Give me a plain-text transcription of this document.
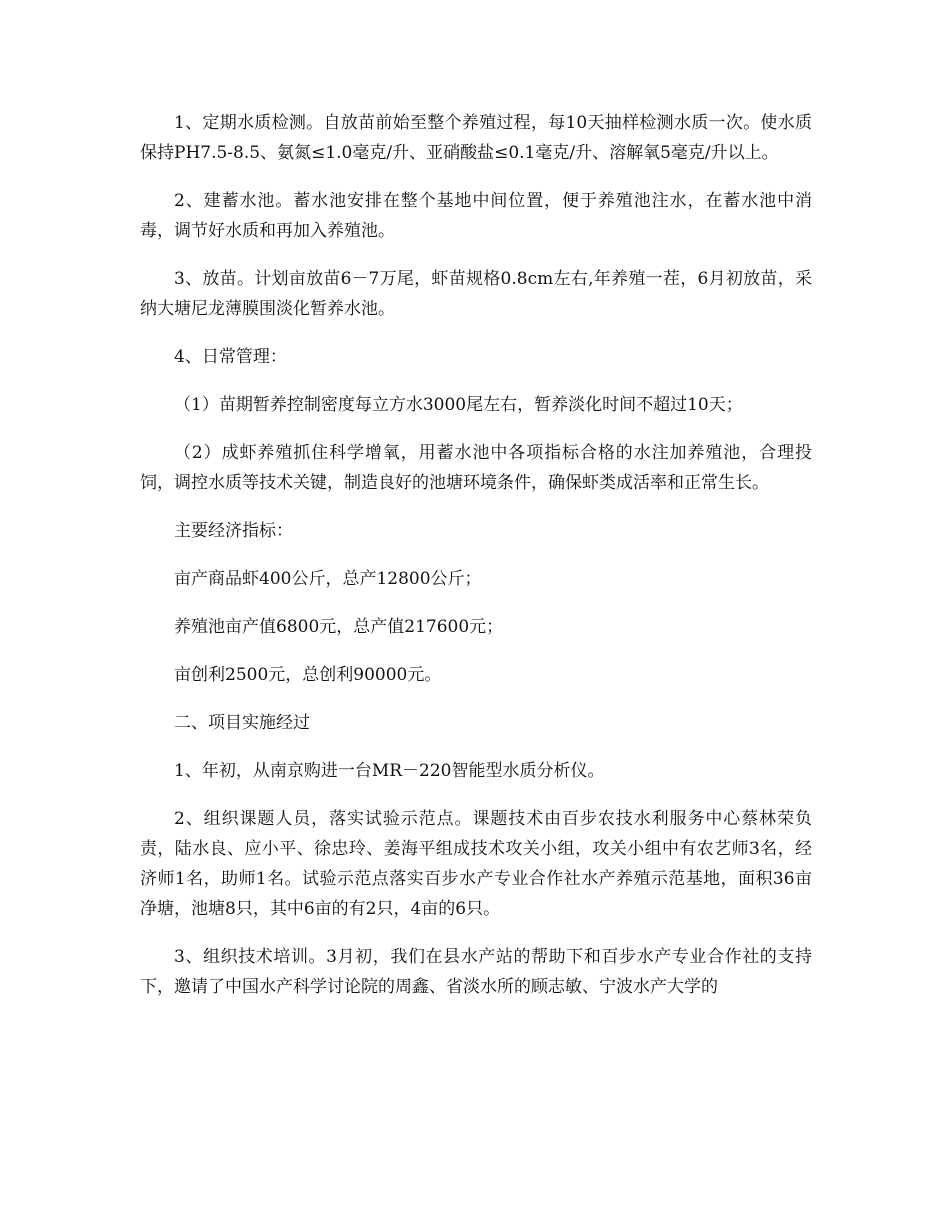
1、定期水质检测。自放苗前始至整个养殖过程，每10天抽样检测水质一次。使水质保持PH7.5-8.5、氨氮≤1.0毫克/升、亚硝酸盐≤0.1毫克/升、溶解氧5毫克/升以上。

2、建蓄水池。蓄水池安排在整个基地中间位置，便于养殖池注水，在蓄水池中消毒，调节好水质和再加入养殖池。

3、放苗。计划亩放苗6－7万尾，虾苗规格0.8cm左右,年养殖一茬，6月初放苗，采纳大塘尼龙薄膜围淡化暂养水池。

4、日常管理：

（1）苗期暂养控制密度每立方水3000尾左右，暂养淡化时间不超过10天；

（2）成虾养殖抓住科学增氧，用蓄水池中各项指标合格的水注加养殖池，合理投饲，调控水质等技术关键，制造良好的池塘环境条件，确保虾类成活率和正常生长。

主要经济指标：

亩产商品虾400公斤，总产12800公斤；

养殖池亩产值6800元，总产值217600元；

亩创利2500元，总创利90000元。

二、项目实施经过

1、年初，从南京购进一台MR－220智能型水质分析仪。

2、组织课题人员，落实试验示范点。课题技术由百步农技水利服务中心蔡林荣负责，陆水良、应小平、徐忠玲、姜海平组成技术攻关小组，攻关小组中有农艺师3名，经济师1名，助师1名。试验示范点落实百步水产专业合作社水产养殖示范基地，面积36亩净塘，池塘8只，其中6亩的有2只，4亩的6只。

3、组织技术培训。3月初，我们在县水产站的帮助下和百步水产专业合作社的支持下，邀请了中国水产科学讨论院的周鑫、省淡水所的顾志敏、宁波水产大学的
